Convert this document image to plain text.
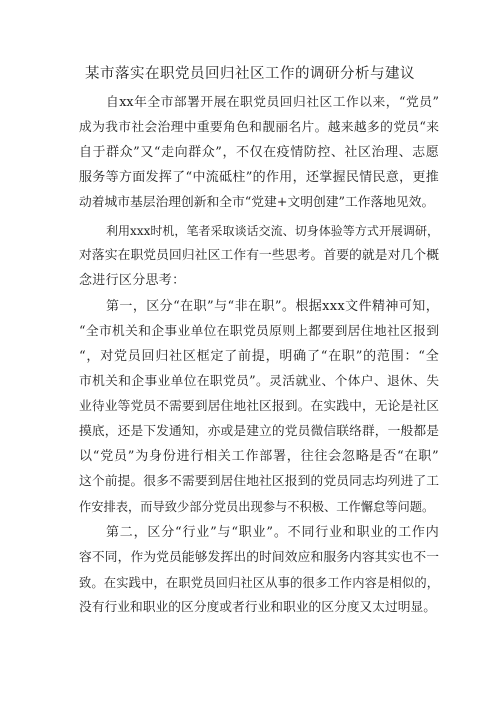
某市落实在职党员回归社区工作的调研分析与建议

自xx年全市部署开展在职党员回归社区工作以来，“党员”

成为我市社会治理中重要角色和靓丽名片。越来越多的党员“来

自于群众”又“走向群众”，不仅在疫情防控、社区治理、志愿

服务等方面发挥了“中流砥柱”的作用，还掌握民情民意，更推

动着城市基层治理创新和全市“党建+文明创建”工作落地见效。

利用xxx时机，笔者采取谈话交流、切身体验等方式开展调研，

对落实在职党员回归社区工作有一些思考。首要的就是对几个概

念进行区分思考：

第一，区分“在职”与“非在职”。根据xxx文件精神可知，

“全市机关和企事业单位在职党员原则上都要到居住地社区报到

“，对党员回归社区框定了前提，明确了“在职”的范围：“全

市机关和企事业单位在职党员”。灵活就业、个体户、退休、失

业待业等党员不需要到居住地社区报到。在实践中，无论是社区

摸底，还是下发通知，亦或是建立的党员微信联络群，一般都是

以“党员”为身份进行相关工作部署，往往会忽略是否“在职”

这个前提。很多不需要到居住地社区报到的党员同志均列进了工

作安排表，而导致少部分党员出现参与不积极、工作懈怠等问题。

第二，区分“行业”与“职业”。不同行业和职业的工作内

容不同，作为党员能够发挥出的时间效应和服务内容其实也不一

致。在实践中，在职党员回归社区从事的很多工作内容是相似的，

没有行业和职业的区分度或者行业和职业的区分度又太过明显。
